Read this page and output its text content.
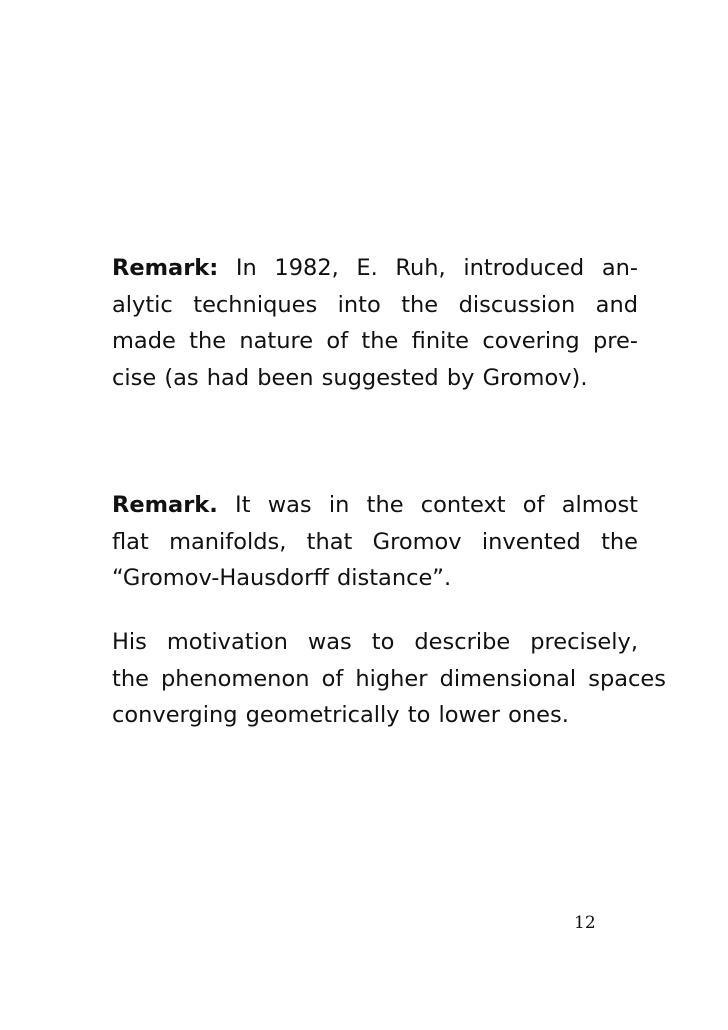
Remark: In 1982, E. Ruh, introduced an-
alytic techniques into the discussion and
made the nature of the finite covering pre-
cise (as had been suggested by Gromov).
Remark. It was in the context of almost
flat manifolds, that Gromov invented the
“Gromov-Hausdorff distance”.
His motivation was to describe precisely,
the phenomenon of higher dimensional spaces
converging geometrically to lower ones.
12
